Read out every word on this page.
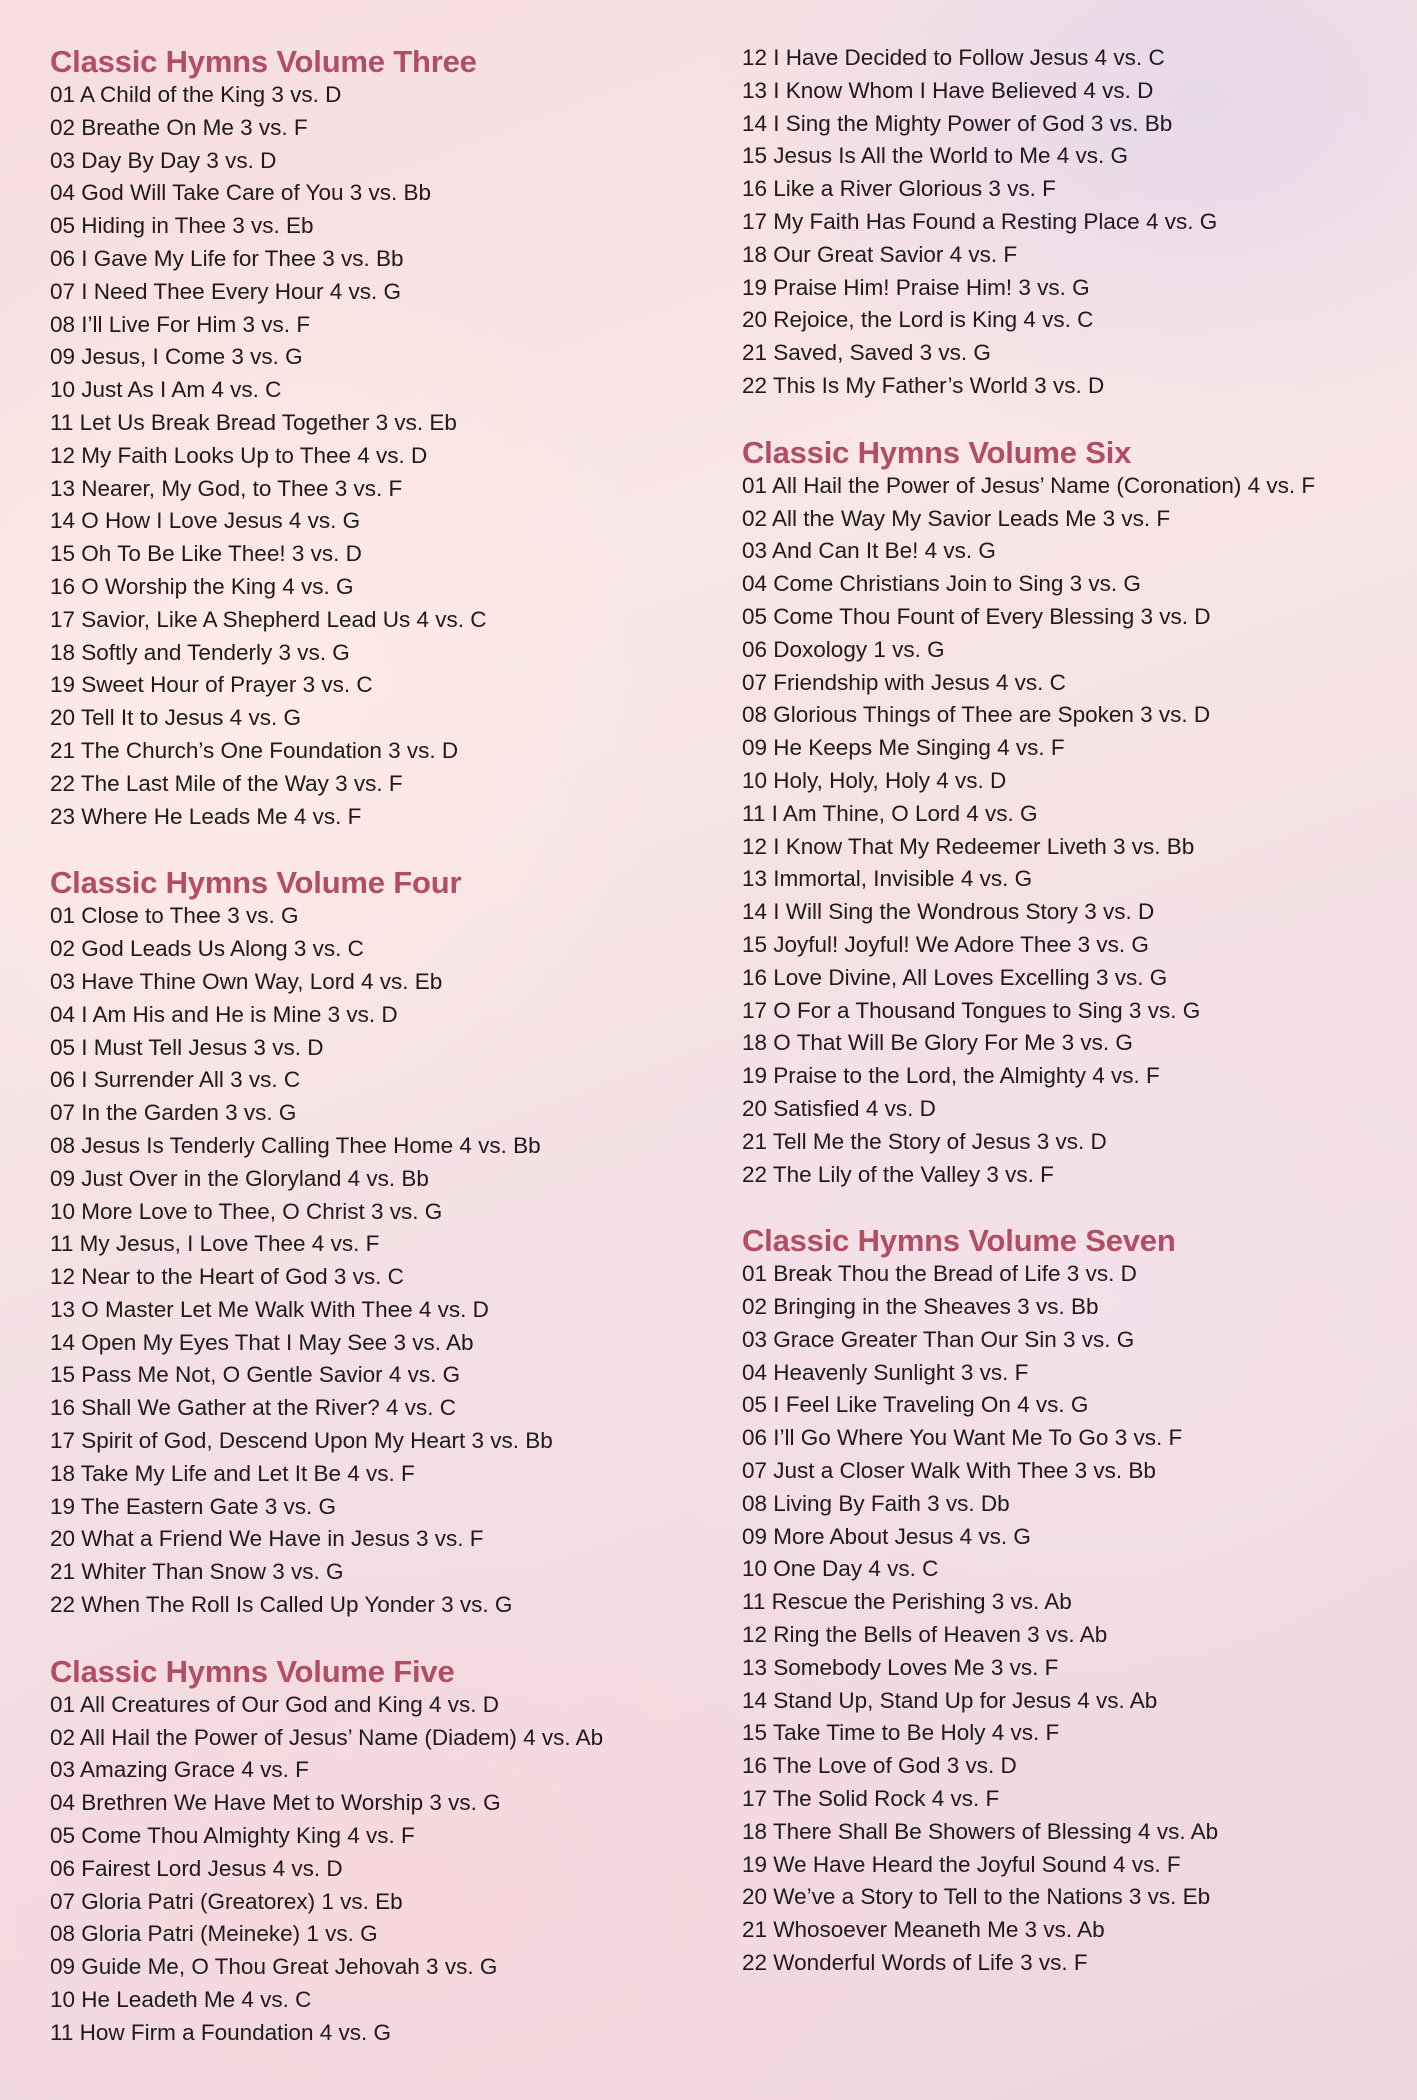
Classic Hymns Volume Three
01 A Child of the King 3 vs. D
02 Breathe On Me 3 vs. F
03 Day By Day 3 vs. D
04 God Will Take Care of You 3 vs. Bb
05 Hiding in Thee 3 vs. Eb
06 I Gave My Life for Thee 3 vs. Bb
07 I Need Thee Every Hour 4 vs. G
08 I’ll Live For Him 3 vs. F
09 Jesus, I Come 3 vs. G
10 Just As I Am 4 vs. C
11 Let Us Break Bread Together 3 vs. Eb
12 My Faith Looks Up to Thee 4 vs. D
13 Nearer, My God, to Thee 3 vs. F
14 O How I Love Jesus 4 vs. G
15 Oh To Be Like Thee! 3 vs. D
16 O Worship the King 4 vs. G
17 Savior, Like A Shepherd Lead Us 4 vs. C
18 Softly and Tenderly 3 vs. G
19 Sweet Hour of Prayer 3 vs. C
20 Tell It to Jesus 4 vs. G
21 The Church’s One Foundation 3 vs. D
22 The Last Mile of the Way 3 vs. F
23 Where He Leads Me 4 vs. F
Classic Hymns Volume Four
01 Close to Thee 3 vs. G
02 God Leads Us Along 3 vs. C
03 Have Thine Own Way, Lord 4 vs. Eb
04 I Am His and He is Mine 3 vs. D
05 I Must Tell Jesus 3 vs. D
06 I Surrender All 3 vs. C
07 In the Garden 3 vs. G
08 Jesus Is Tenderly Calling Thee Home 4 vs. Bb
09 Just Over in the Gloryland 4 vs. Bb
10 More Love to Thee, O Christ 3 vs. G
11 My Jesus, I Love Thee 4 vs. F
12 Near to the Heart of God 3 vs. C
13 O Master Let Me Walk With Thee 4 vs. D
14 Open My Eyes That I May See 3 vs. Ab
15 Pass Me Not, O Gentle Savior 4 vs. G
16 Shall We Gather at the River? 4 vs. C
17 Spirit of God, Descend Upon My Heart 3 vs. Bb
18 Take My Life and Let It Be 4 vs. F
19 The Eastern Gate 3 vs. G
20 What a Friend We Have in Jesus 3 vs. F
21 Whiter Than Snow 3 vs. G
22 When The Roll Is Called Up Yonder 3 vs. G
Classic Hymns Volume Five
01 All Creatures of Our God and King 4 vs. D
02 All Hail the Power of Jesus’ Name (Diadem) 4 vs. Ab
03 Amazing Grace 4 vs. F
04 Brethren We Have Met to Worship 3 vs. G
05 Come Thou Almighty King 4 vs. F
06 Fairest Lord Jesus 4 vs. D
07 Gloria Patri (Greatorex) 1 vs. Eb
08 Gloria Patri (Meineke) 1 vs. G
09 Guide Me, O Thou Great Jehovah 3 vs. G
10 He Leadeth Me 4 vs. C
11 How Firm a Foundation 4 vs. G
12 I Have Decided to Follow Jesus 4 vs. C
13 I Know Whom I Have Believed 4 vs. D
14 I Sing the Mighty Power of God 3 vs. Bb
15 Jesus Is All the World to Me 4 vs. G
16 Like a River Glorious 3 vs. F
17 My Faith Has Found a Resting Place 4 vs. G
18 Our Great Savior 4 vs. F
19 Praise Him! Praise Him! 3 vs. G
20 Rejoice, the Lord is King 4 vs. C
21 Saved, Saved 3 vs. G
22 This Is My Father’s World 3 vs. D
Classic Hymns Volume Six
01 All Hail the Power of Jesus’ Name (Coronation) 4 vs. F
02 All the Way My Savior Leads Me 3 vs. F
03 And Can It Be! 4 vs. G
04 Come Christians Join to Sing 3 vs. G
05 Come Thou Fount of Every Blessing 3 vs. D
06 Doxology 1 vs. G
07 Friendship with Jesus 4 vs. C
08 Glorious Things of Thee are Spoken 3 vs. D
09 He Keeps Me Singing 4 vs. F
10 Holy, Holy, Holy 4 vs. D
11 I Am Thine, O Lord 4 vs. G
12 I Know That My Redeemer Liveth 3 vs. Bb
13 Immortal, Invisible 4 vs. G
14 I Will Sing the Wondrous Story 3 vs. D
15 Joyful! Joyful! We Adore Thee 3 vs. G
16 Love Divine, All Loves Excelling 3 vs. G
17 O For a Thousand Tongues to Sing 3 vs. G
18 O That Will Be Glory For Me 3 vs. G
19 Praise to the Lord, the Almighty 4 vs. F
20 Satisfied 4 vs. D
21 Tell Me the Story of Jesus 3 vs. D
22 The Lily of the Valley 3 vs. F
Classic Hymns Volume Seven
01 Break Thou the Bread of Life 3 vs. D
02 Bringing in the Sheaves 3 vs. Bb
03 Grace Greater Than Our Sin 3 vs. G
04 Heavenly Sunlight 3 vs. F
05 I Feel Like Traveling On 4 vs. G
06 I’ll Go Where You Want Me To Go 3 vs. F
07 Just a Closer Walk With Thee 3 vs. Bb
08 Living By Faith 3 vs. Db
09 More About Jesus 4 vs. G
10 One Day 4 vs. C
11 Rescue the Perishing 3 vs. Ab
12 Ring the Bells of Heaven 3 vs. Ab
13 Somebody Loves Me 3 vs. F
14 Stand Up, Stand Up for Jesus 4 vs. Ab
15 Take Time to Be Holy 4 vs. F
16 The Love of God 3 vs. D
17 The Solid Rock 4 vs. F
18 There Shall Be Showers of Blessing 4 vs. Ab
19 We Have Heard the Joyful Sound 4 vs. F
20 We’ve a Story to Tell to the Nations 3 vs. Eb
21 Whosoever Meaneth Me 3 vs. Ab
22 Wonderful Words of Life 3 vs. F
